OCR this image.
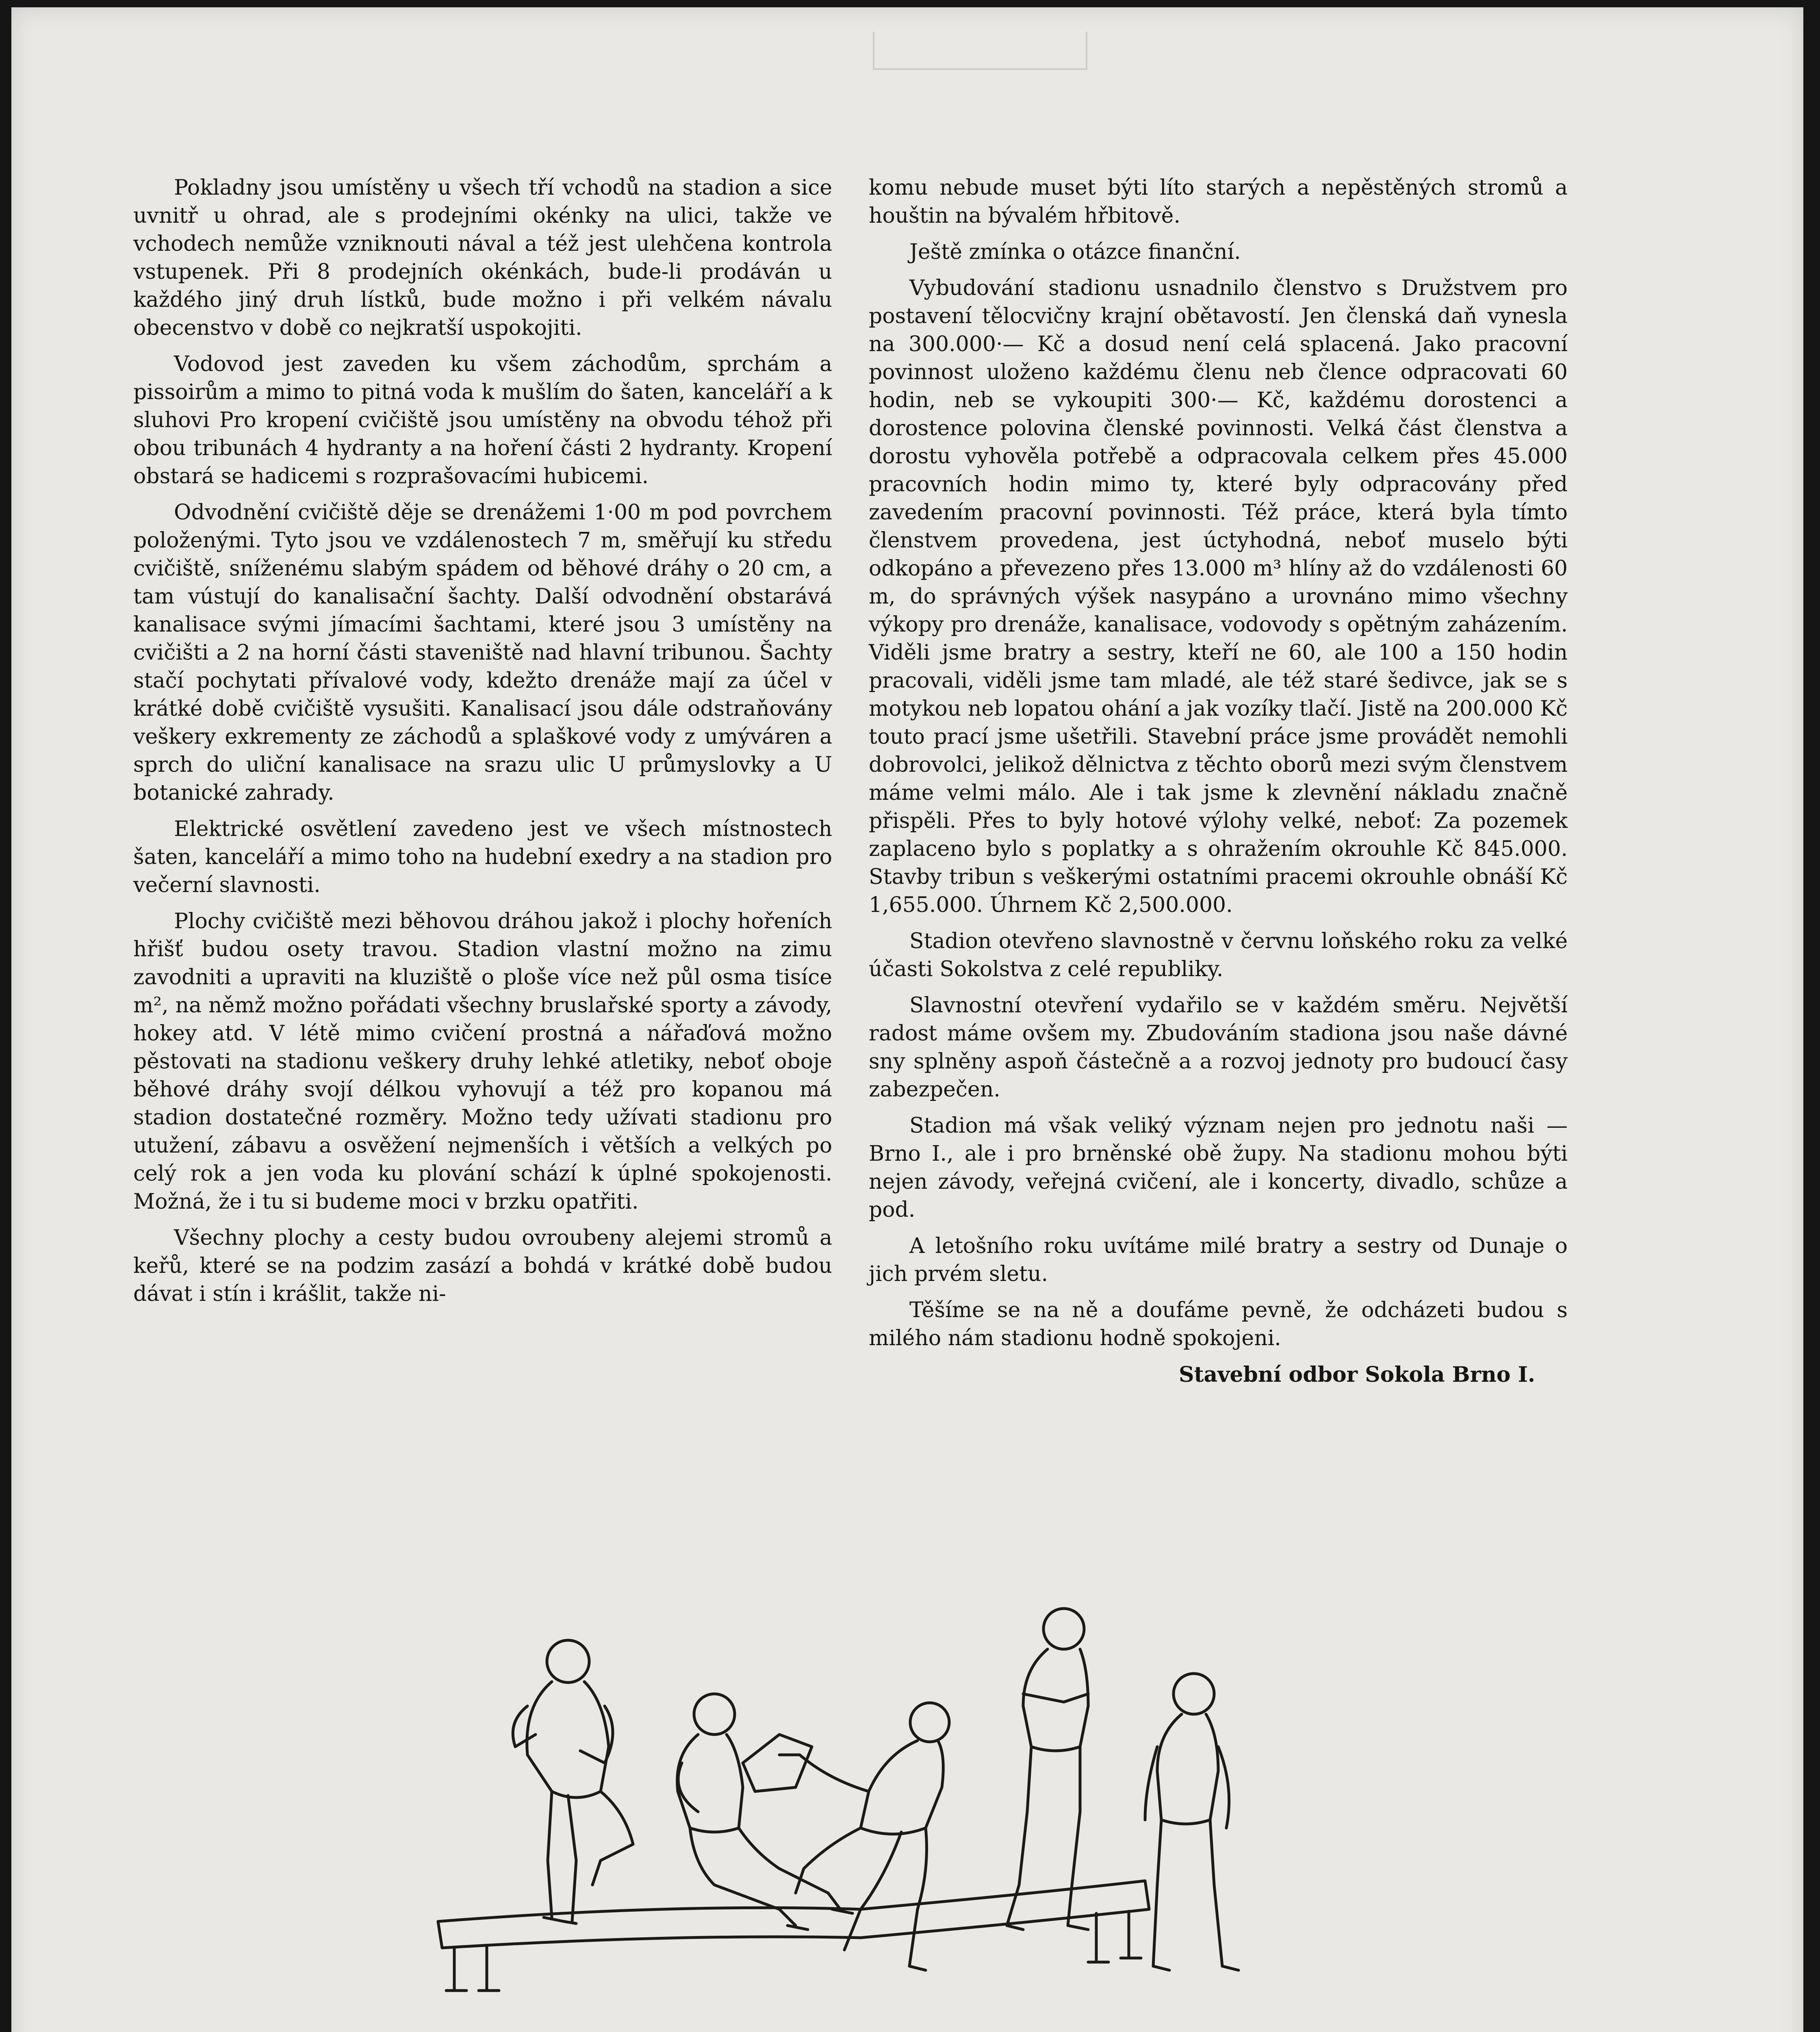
Pokladny jsou umístěny u všech tří vchodů na stadion a sice uvnitř u ohrad, ale s prodejními okénky na ulici, takže ve vchodech nemůže vzniknouti nával a též jest ulehčena kontrola vstupenek. Při 8 prodejních okénkách, bude-li prodáván u každého jiný druh lístků, bude možno i při velkém návalu obecenstvo v době co nejkratší uspokojiti.

Vodovod jest zaveden ku všem záchodům, sprchám a pissoirům a mimo to pitná voda k mušlím do šaten, kanceláří a k sluhovi Pro kropení cvičiště jsou umístěny na obvodu téhož při obou tribunách 4 hydranty a na hoření části 2 hydranty. Kropení obstará se hadicemi s rozprašovacími hubicemi.

Odvodnění cvičiště děje se drenážemi 1·00 m pod povrchem položenými. Tyto jsou ve vzdálenostech 7 m, směřují ku středu cvičiště, sníženému slabým spádem od běhové dráhy o 20 cm, a tam vústují do kanalisační šachty. Další odvodnění obstarává kanalisace svými jímacími šachtami, které jsou 3 umístěny na cvičišti a 2 na horní části staveniště nad hlavní tribunou. Šachty stačí pochytati přívalové vody, kdežto drenáže mají za účel v krátké době cvičiště vysušiti. Kanalisací jsou dále odstraňovány veškery exkrementy ze záchodů a splaškové vody z umýváren a sprch do uliční kanalisace na srazu ulic U průmyslovky a U botanické zahrady.

Elektrické osvětlení zavedeno jest ve všech místnostech šaten, kanceláří a mimo toho na hudební exedry a na stadion pro večerní slavnosti.

Plochy cvičiště mezi běhovou dráhou jakož i plochy hořeních hřišť budou osety travou. Stadion vlastní možno na zimu zavodniti a upraviti na kluziště o ploše více než půl osma tisíce m², na němž možno pořádati všechny bruslařské sporty a závody, hokey atd. V létě mimo cvičení prostná a nářaďová možno pěstovati na stadionu veškery druhy lehké atletiky, neboť oboje běhové dráhy svojí délkou vyhovují a též pro kopanou má stadion dostatečné rozměry. Možno tedy užívati stadionu pro utužení, zábavu a osvěžení nejmenších i větších a velkých po celý rok a jen voda ku plování schází k úplné spokojenosti. Možná, že i tu si budeme moci v brzku opatřiti.

Všechny plochy a cesty budou ovroubeny alejemi stromů a keřů, které se na podzim zasází a bohdá v krátké době budou dávat i stín i krášlit, takže ni-

komu nebude muset býti líto starých a nepěstěných stromů a houštin na bývalém hřbitově.

Ještě zmínka o otázce finanční.

Vybudování stadionu usnadnilo členstvo s Družstvem pro postavení tělocvičny krajní obětavostí. Jen členská daň vynesla na 300.000·— Kč a dosud není celá splacená. Jako pracovní povinnost uloženo každému členu neb člence odpracovati 60 hodin, neb se vykoupiti 300·— Kč, každému dorostenci a dorostence polovina členské povinnosti. Velká část členstva a dorostu vyhověla potřebě a odpracovala celkem přes 45.000 pracovních hodin mimo ty, které byly odpracovány před zavedením pracovní povinnosti. Též práce, která byla tímto členstvem provedena, jest úctyhodná, neboť muselo býti odkopáno a převezeno přes 13.000 m³ hlíny až do vzdálenosti 60 m, do správných výšek nasypáno a urovnáno mimo všechny výkopy pro drenáže, kanalisace, vodovody s opětným zaházením. Viděli jsme bratry a sestry, kteří ne 60, ale 100 a 150 hodin pracovali, viděli jsme tam mladé, ale též staré šedivce, jak se s motykou neb lopatou ohání a jak vozíky tlačí. Jistě na 200.000 Kč touto prací jsme ušetřili. Stavební práce jsme provádět nemohli dobrovolci, jelikož dělnictva z těchto oborů mezi svým členstvem máme velmi málo. Ale i tak jsme k zlevnění nákladu značně přispěli. Přes to byly hotové výlohy velké, neboť: Za pozemek zaplaceno bylo s poplatky a s ohražením okrouhle Kč 845.000. Stavby tribun s veškerými ostatními pracemi okrouhle obnáší Kč 1,655.000. Úhrnem Kč 2,500.000.

Stadion otevřeno slavnostně v červnu loňského roku za velké účasti Sokolstva z celé republiky.

Slavnostní otevření vydařilo se v každém směru. Největší radost máme ovšem my. Zbudováním stadiona jsou naše dávné sny splněny aspoň částečně a a rozvoj jednoty pro budoucí časy zabezpečen.

Stadion má však veliký význam nejen pro jednotu naši — Brno I., ale i pro brněnské obě župy. Na stadionu mohou býti nejen závody, veřejná cvičení, ale i koncerty, divadlo, schůze a pod.

A letošního roku uvítáme milé bratry a sestry od Dunaje o jich prvém sletu.

Těšíme se na ně a doufáme pevně, že odcházeti budou s milého nám stadionu hodně spokojeni.

Stavební odbor Sokola Brno I.
